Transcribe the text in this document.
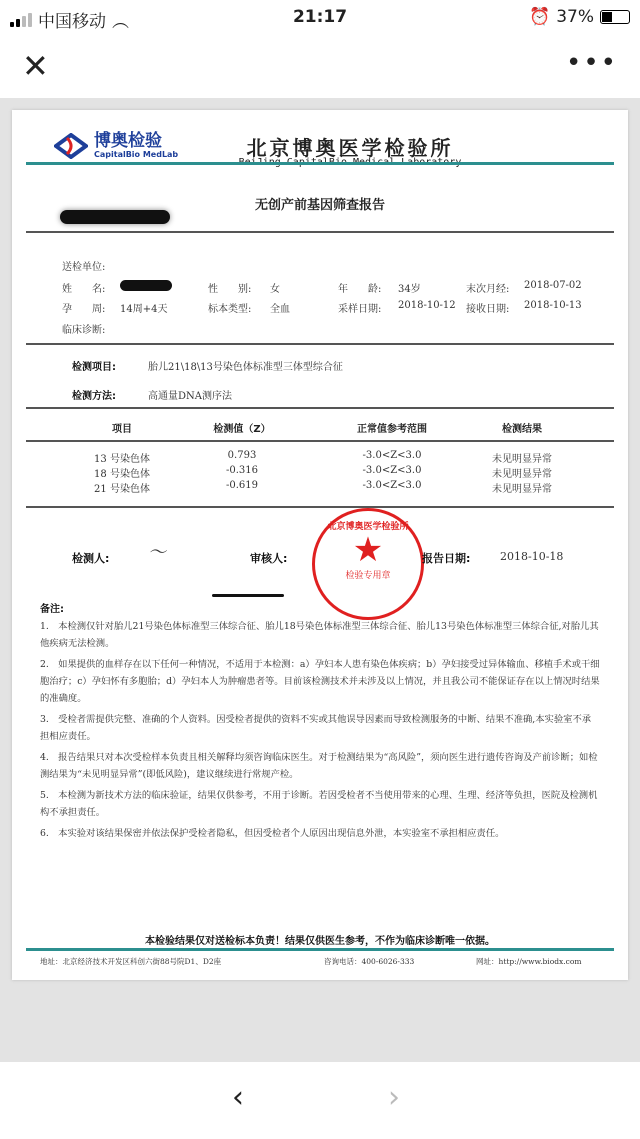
中国移动 ︵	21:17	⏰ 37%
✕	•••
博奥检验
CapitalBio MedLab	北京博奥医学检验所
无创产前基因筛查报告
送检单位:
姓　　名:	性　　别: 女	年　　龄: 34岁	末次月经: 2018-07-02
孕　　周: 14周+4天	标本类型: 全血	采样日期: 2018-10-12 接收日期: 2018-10-13
临床诊断:
检测项目:	胎儿21\18\13号染色体标准型三体型综合征
检测方法:	高通量DNA测序法
项目	检测值（Z）	正常值参考范围	检测结果
13 号染色体	0.793	-3.0<Z<3.0	未见明显异常
18 号染色体	-0.316	-3.0<Z<3.0	未见明显异常
21 号染色体	-0.619	-3.0<Z<3.0	未见明显异常
检测人: 〜	审核人:
北京博奥医学检验所
★
检验专用章
报告日期:	2018-10-18
备注:

1.　本检测仅针对胎儿21号染色体标准型三体综合征、胎儿18号染色体标准型三体综合征、胎儿13号染色体标准型三体综合征,对胎儿其他疾病无法检测。

2.　如果提供的血样存在以下任何一种情况，不适用于本检测：a）孕妇本人患有染色体疾病；b）孕妇接受过异体输血、移植手术或干细胞治疗；c）孕妇怀有多胞胎；d）孕妇本人为肿瘤患者等。目前该检测技术并未涉及以上情况，并且我公司不能保证存在以上情况时结果的准确度。

3.　受检者需提供完整、准确的个人资料。因受检者提供的资料不实或其他误导因素而导致检测服务的中断、结果不准确,本实验室不承担相应责任。

4.　报告结果只对本次受检样本负责且相关解释均须咨询临床医生。对于检测结果为“高风险”，须向医生进行遗传咨询及产前诊断；如检测结果为“未见明显异常”(即低风险)，建议继续进行常规产检。

5.　本检测为新技术方法的临床验证，结果仅供参考，不用于诊断。若因受检者不当使用带来的心理、生理、经济等负担，医院及检测机构不承担责任。

6.　本实验对该结果保密并依法保护受检者隐私，但因受检者个人原因出现信息外泄，本实验室不承担相应责任。

本检验结果仅对送检标本负责！结果仅供医生参考，不作为临床诊断唯一依据。
地址：北京经济技术开发区科创六街88号院D1、D2座	咨询电话：400-6026-333	网址：http://www.biodx.com
‹	›
